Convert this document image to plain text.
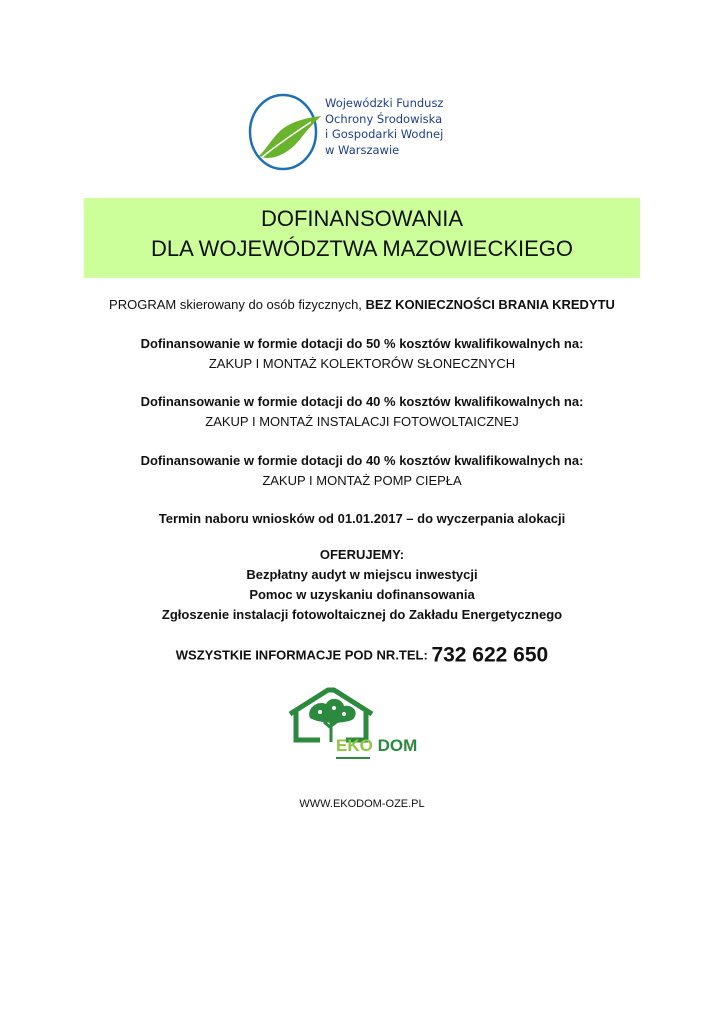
Wojewódzki Fundusz
Ochrony Środowiska
i Gospodarki Wodnej
w Warszawie
DOFINANSOWANIA
DLA WOJEWÓDZTWA MAZOWIECKIEGO
PROGRAM skierowany do osób fizycznych, BEZ KONIECZNOŚCI BRANIA KREDYTU
Dofinansowanie w formie dotacji do 50 % kosztów kwalifikowalnych na:
ZAKUP I MONTAŻ KOLEKTORÓW SŁONECZNYCH
Dofinansowanie w formie dotacji do 40 % kosztów kwalifikowalnych na:
ZAKUP I MONTAŻ INSTALACJI FOTOWOLTAICZNEJ
Dofinansowanie w formie dotacji do 40 % kosztów kwalifikowalnych na:
ZAKUP I MONTAŻ POMP CIEPŁA
Termin naboru wniosków od 01.01.2017 – do wyczerpania alokacji
OFERUJEMY:
Bezpłatny audyt w miejscu inwestycji
Pomoc w uzyskaniu dofinansowania
Zgłoszenie instalacji fotowoltaicznej do Zakładu Energetycznego
WSZYSTKIE INFORMACJE POD NR.TEL: 732 622 650
EKO DOM
WWW.EKODOM-OZE.PL
